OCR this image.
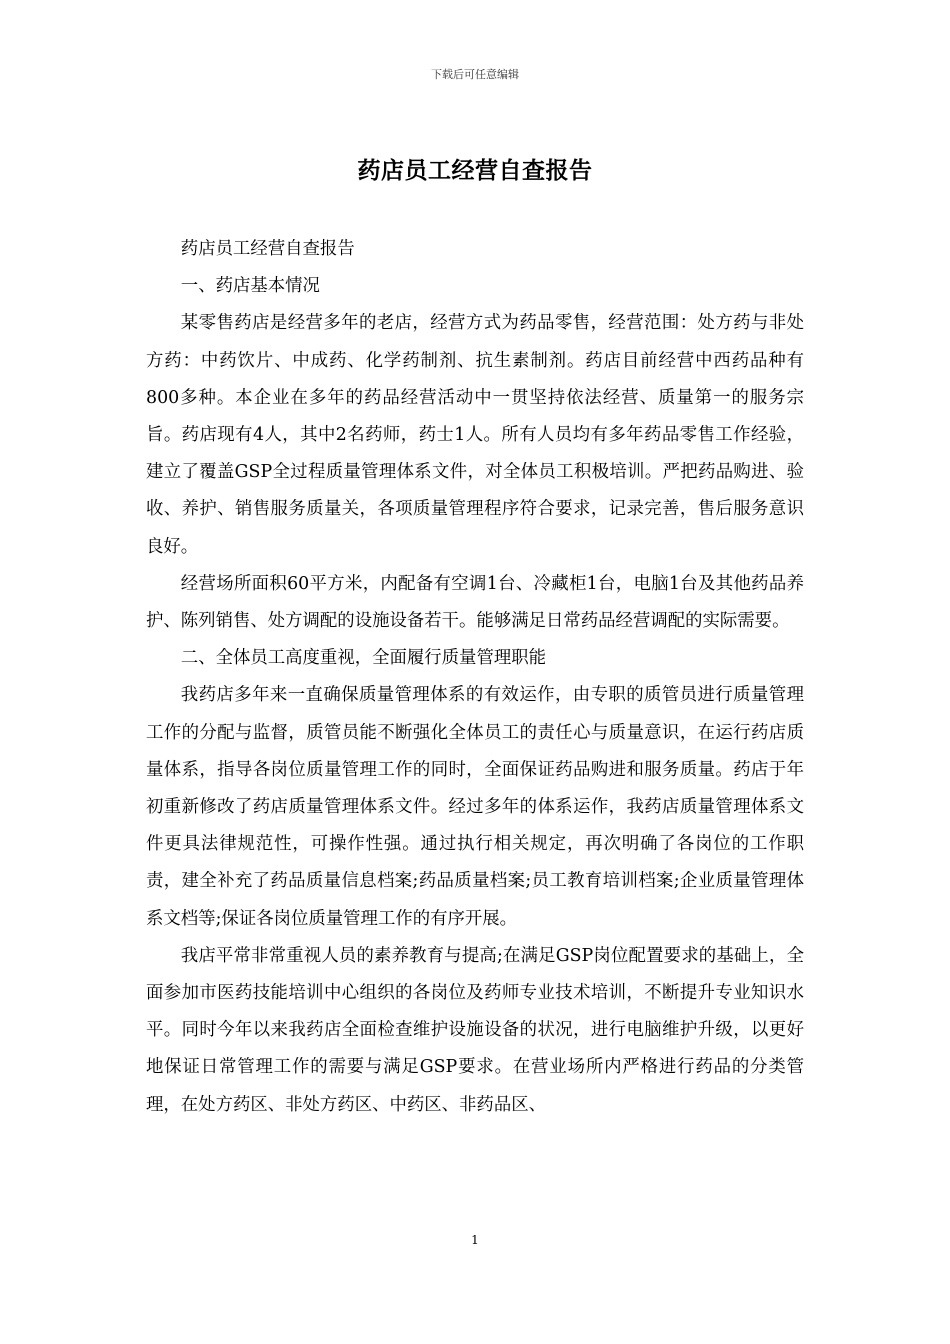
下载后可任意编辑
药店员工经营自查报告

药店员工经营自查报告

一、药店基本情况

某零售药店是经营多年的老店，经营方式为药品零售，经营范围：处方药与非处方药：中药饮片、中成药、化学药制剂、抗生素制剂。药店目前经营中西药品种有800多种。本企业在多年的药品经营活动中一贯坚持依法经营、质量第一的服务宗旨。药店现有4人，其中2名药师，药士1人。所有人员均有多年药品零售工作经验，建立了覆盖GSP全过程质量管理体系文件，对全体员工积极培训。严把药品购进、验收、养护、销售服务质量关，各项质量管理程序符合要求，记录完善，售后服务意识良好。

经营场所面积60平方米，内配备有空调1台、冷藏柜1台，电脑1台及其他药品养护、陈列销售、处方调配的设施设备若干。能够满足日常药品经营调配的实际需要。

二、全体员工高度重视，全面履行质量管理职能

我药店多年来一直确保质量管理体系的有效运作，由专职的质管员进行质量管理工作的分配与监督，质管员能不断强化全体员工的责任心与质量意识，在运行药店质量体系，指导各岗位质量管理工作的同时，全面保证药品购进和服务质量。药店于年初重新修改了药店质量管理体系文件。经过多年的体系运作，我药店质量管理体系文件更具法律规范性，可操作性强。通过执行相关规定，再次明确了各岗位的工作职责，建全补充了药品质量信息档案;药品质量档案;员工教育培训档案;企业质量管理体系文档等;保证各岗位质量管理工作的有序开展。

我店平常非常重视人员的素养教育与提高;在满足GSP岗位配置要求的基础上，全面参加市医药技能培训中心组织的各岗位及药师专业技术培训，不断提升专业知识水平。同时今年以来我药店全面检查维护设施设备的状况，进行电脑维护升级，以更好地保证日常管理工作的需要与满足GSP要求。在营业场所内严格进行药品的分类管理，在处方药区、非处方药区、中药区、非药品区、

1
